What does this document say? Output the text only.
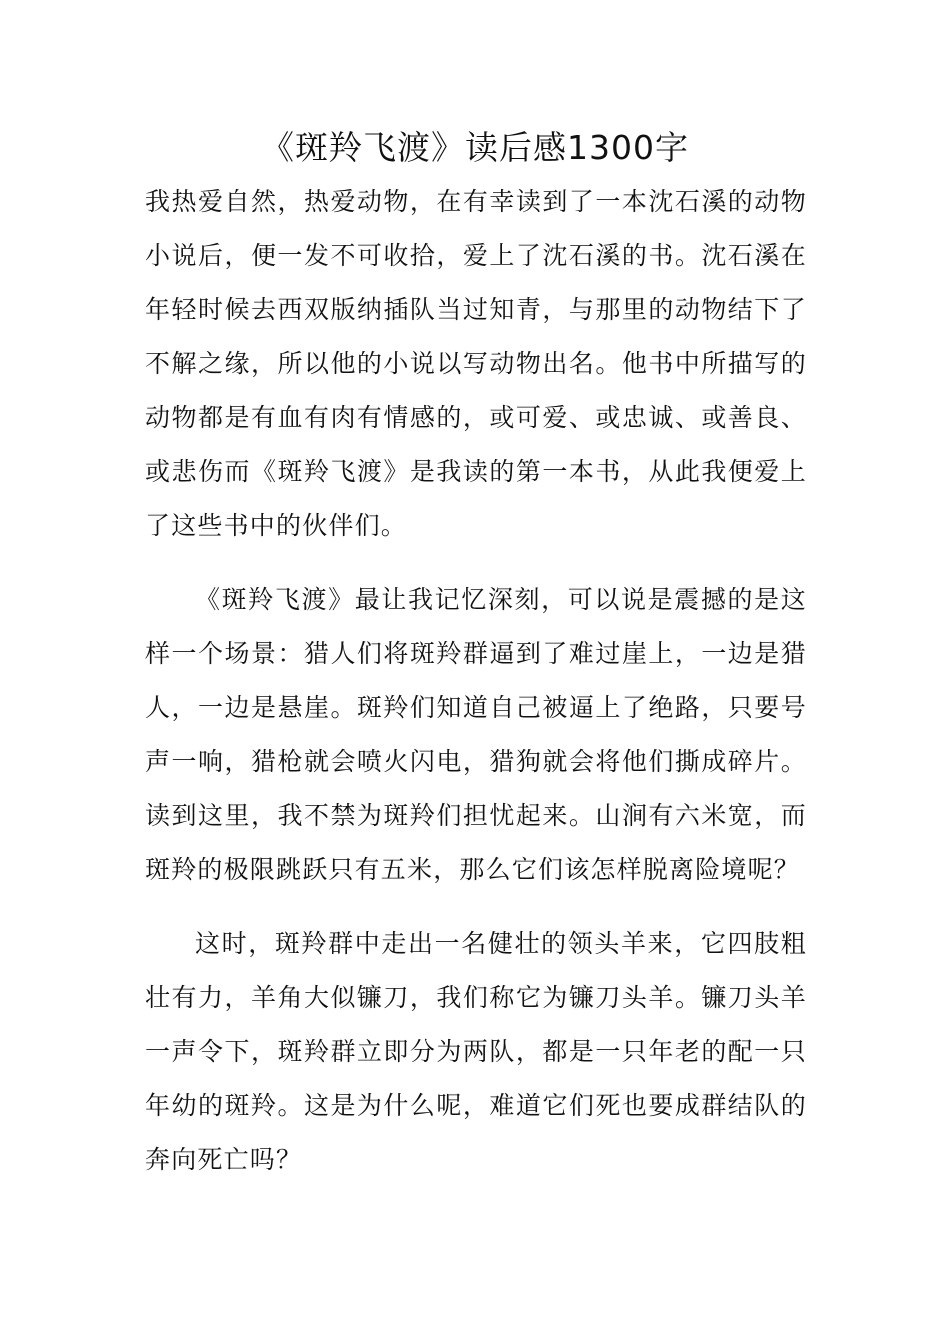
《斑羚飞渡》读后感1300字

我热爱自然，热爱动物，在有幸读到了一本沈石溪的动物小说后，便一发不可收拾，爱上了沈石溪的书。沈石溪在年轻时候去西双版纳插队当过知青，与那里的动物结下了不解之缘，所以他的小说以写动物出名。他书中所描写的动物都是有血有肉有情感的，或可爱、或忠诚、或善良、或悲伤而《斑羚飞渡》是我读的第一本书，从此我便爱上了这些书中的伙伴们。

《斑羚飞渡》最让我记忆深刻，可以说是震撼的是这样一个场景：猎人们将斑羚群逼到了难过崖上，一边是猎人，一边是悬崖。斑羚们知道自己被逼上了绝路，只要号声一响，猎枪就会喷火闪电，猎狗就会将他们撕成碎片。读到这里，我不禁为斑羚们担忧起来。山涧有六米宽，而斑羚的极限跳跃只有五米，那么它们该怎样脱离险境呢？

这时，斑羚群中走出一名健壮的领头羊来，它四肢粗壮有力，羊角大似镰刀，我们称它为镰刀头羊。镰刀头羊一声令下，斑羚群立即分为两队，都是一只年老的配一只年幼的斑羚。这是为什么呢，难道它们死也要成群结队的奔向死亡吗？
